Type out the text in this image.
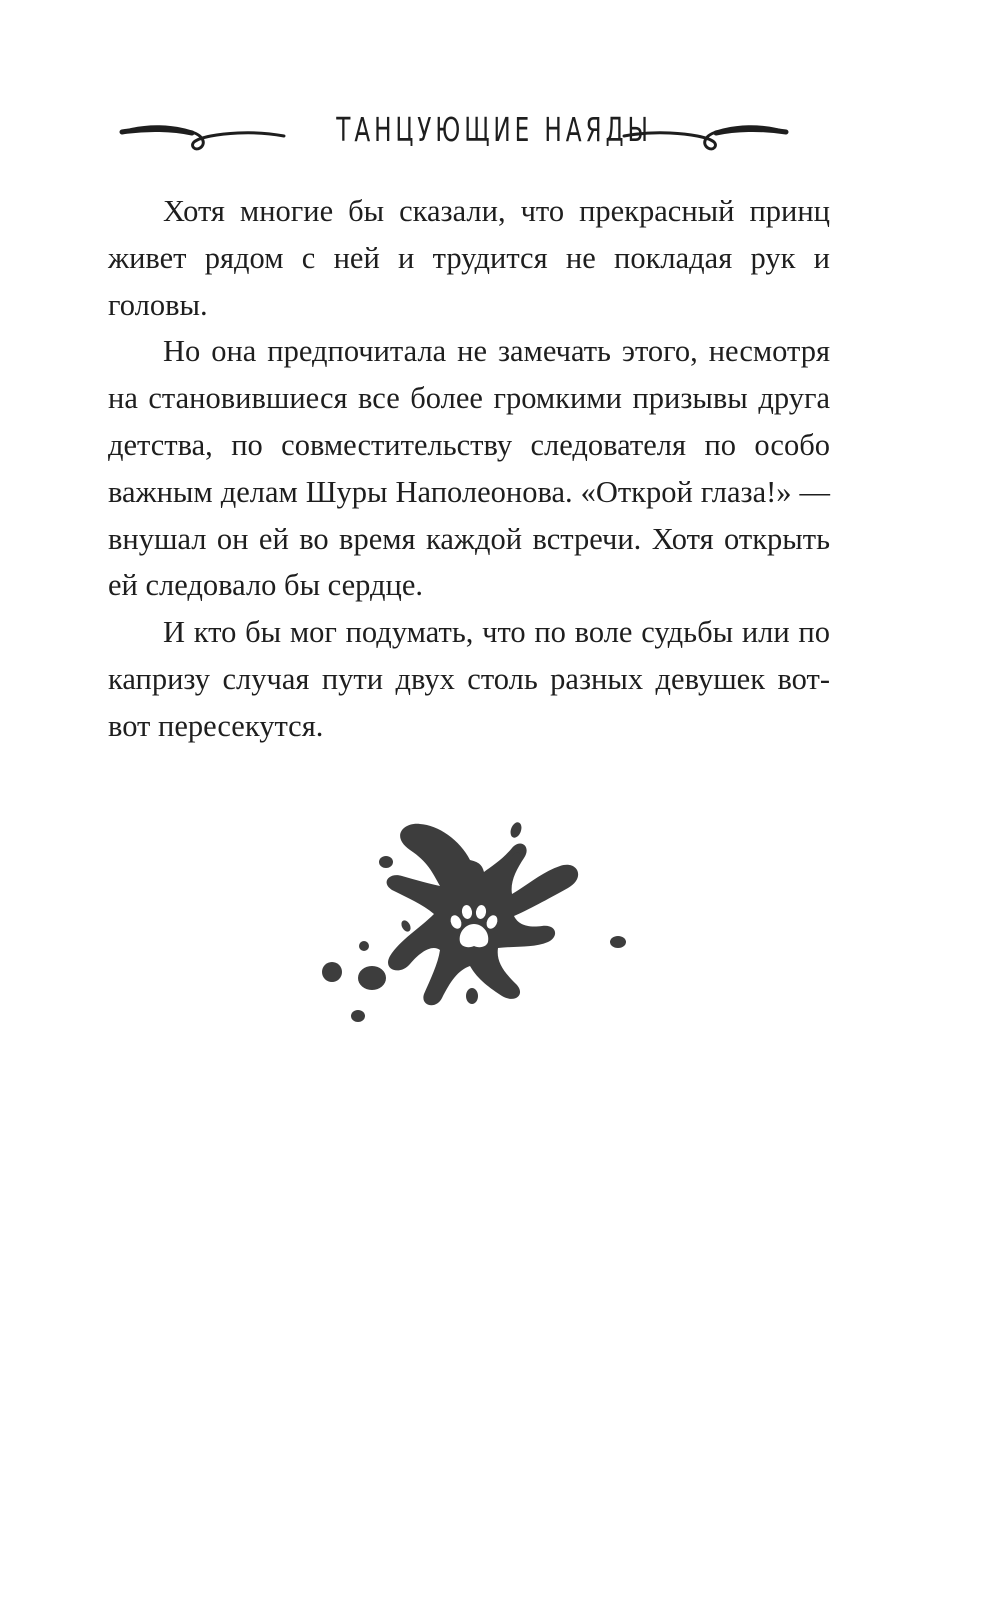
ТАНЦУЮЩИЕ НАЯДЫ

Хотя многие бы сказали, что прекрасный принц живет рядом с ней и трудится не покладая рук и головы.

Но она предпочитала не замечать этого, несмотря на становившиеся все более громкими призывы друга детства, по совместительству следователя по особо важным делам Шуры Наполеонова. «Открой глаза!» — внушал он ей во время каждой встречи. Хотя открыть ей следовало бы сердце.

И кто бы мог подумать, что по воле судьбы или по капризу случая пути двух столь разных девушек вот-вот пересекутся.
